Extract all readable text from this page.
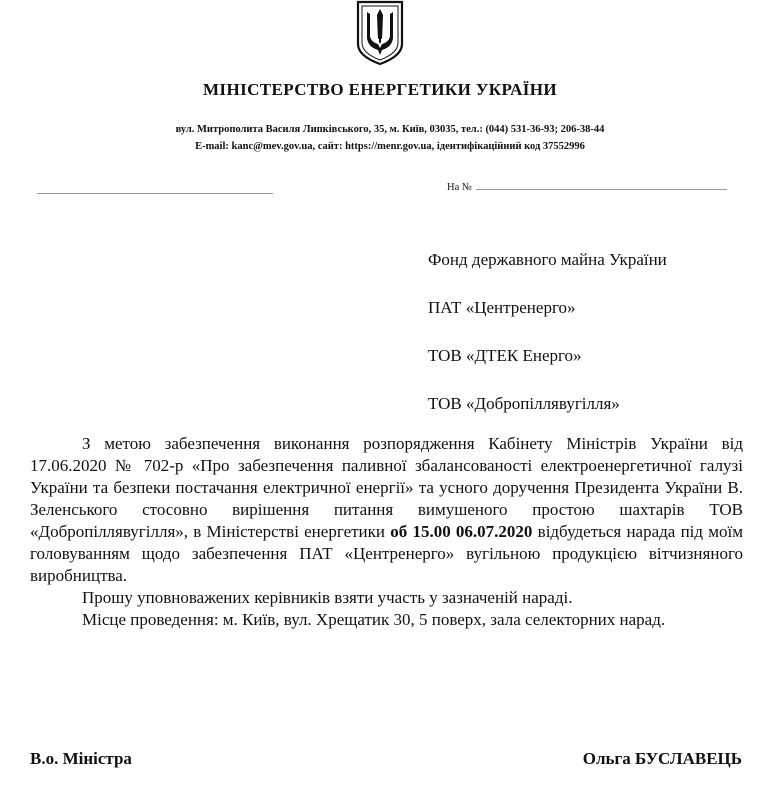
МІНІСТЕРСТВО ЕНЕРГЕТИКИ УКРАЇНИ
вул. Митрополита Василя Липківського, 35, м. Київ, 03035, тел.: (044) 531-36-93; 206-38-44
E-mail: kanc@mev.gov.ua, сайт: https://menr.gov.ua, ідентифікаційний код 37552996
На №
Фонд державного майна України
ПАТ «Центренерго»
ТОВ «ДТЕК Енерго»
ТОВ «Добропіллявугілля»

З метою забезпечення виконання розпорядження Кабінету Міністрів України від 17.06.2020 № 702-р «Про забезпечення паливної збалансованості електроенергетичної галузі України та безпеки постачання електричної енергії» та усного доручення Президента України В. Зеленського стосовно вирішення питання вимушеного простою шахтарів ТОВ «Добропіллявугілля», в Міністерстві енергетики об 15.00 06.07.2020 відбудеться нарада під моїм головуванням щодо забезпечення ПАТ «Центренерго» вугільною продукцією вітчизняного виробництва.

Прошу уповноважених керівників взяти участь у зазначеній нараді.

Місце проведення: м. Київ, вул. Хрещатик 30, 5 поверх, зала селекторних нарад.

В.о. Міністра	Ольга БУСЛАВЕЦЬ
